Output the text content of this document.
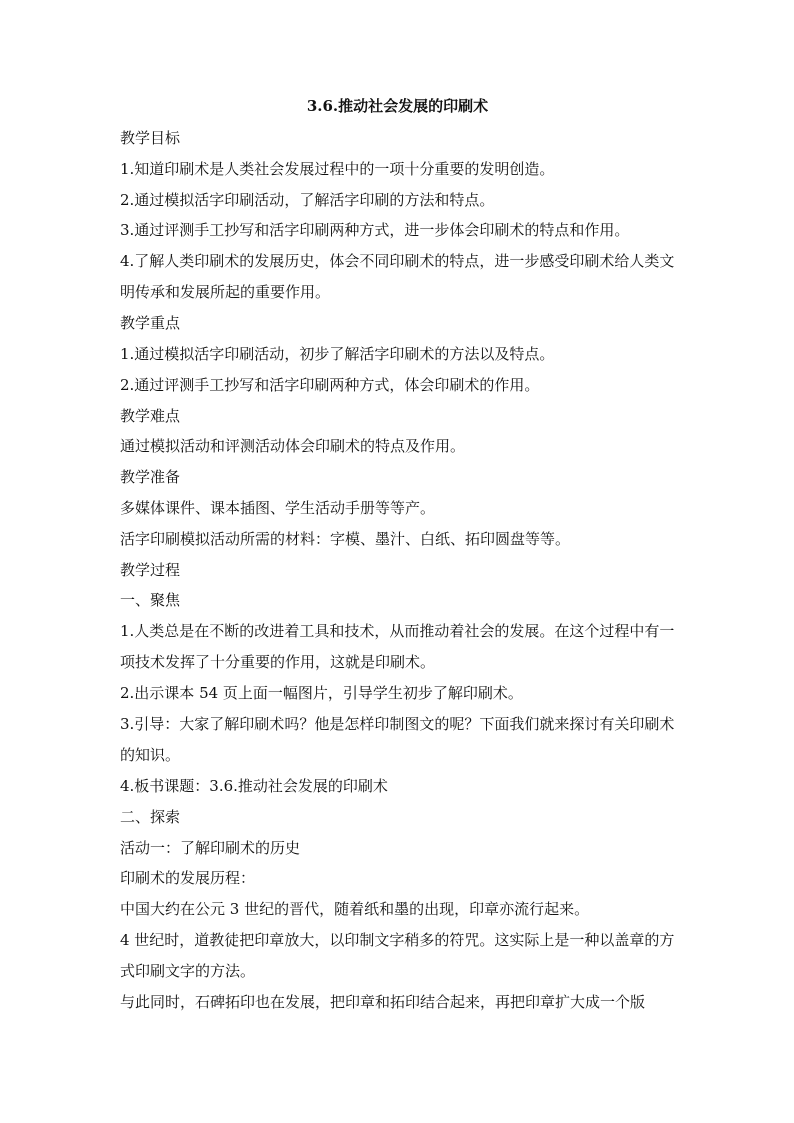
3.6.推动社会发展的印刷术
教学目标
1.知道印刷术是人类社会发展过程中的一项十分重要的发明创造。
2.通过模拟活字印刷活动，了解活字印刷的方法和特点。
3.通过评测手工抄写和活字印刷两种方式，进一步体会印刷术的特点和作用。
4.了解人类印刷术的发展历史，体会不同印刷术的特点，进一步感受印刷术给人类文明传承和发展所起的重要作用。
教学重点
1.通过模拟活字印刷活动，初步了解活字印刷术的方法以及特点。
2.通过评测手工抄写和活字印刷两种方式，体会印刷术的作用。
教学难点
通过模拟活动和评测活动体会印刷术的特点及作用。
教学准备
多媒体课件、课本插图、学生活动手册等等产。
活字印刷模拟活动所需的材料：字模、墨汁、白纸、拓印圆盘等等。
教学过程
一、聚焦
1.人类总是在不断的改进着工具和技术，从而推动着社会的发展。在这个过程中有一项技术发挥了十分重要的作用，这就是印刷术。
2.出示课本 54 页上面一幅图片，引导学生初步了解印刷术。
3.引导：大家了解印刷术吗？他是怎样印制图文的呢？下面我们就来探讨有关印刷术的知识。
4.板书课题：3.6.推动社会发展的印刷术
二、探索
活动一：了解印刷术的历史
印刷术的发展历程：
中国大约在公元 3 世纪的晋代，随着纸和墨的出现，印章亦流行起来。
4 世纪时，道教徒把印章放大，以印制文字稍多的符咒。这实际上是一种以盖章的方式印刷文字的方法。
与此同时，石碑拓印也在发展，把印章和拓印结合起来，再把印章扩大成一个版
